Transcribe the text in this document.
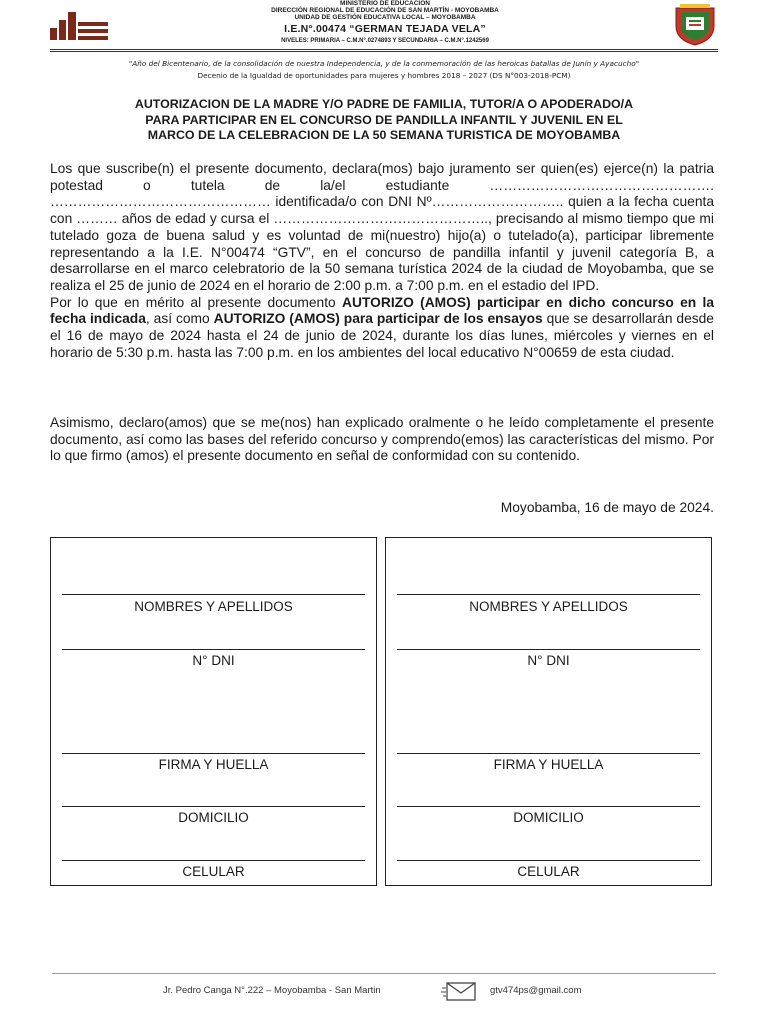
MINISTERIO DE EDUCACION
DIRECCIÓN REGIONAL DE EDUCACIÓN DE SAN MARTÍN - MOYOBAMBA
UNIDAD DE GESTIÓN EDUCATIVA LOCAL – MOYOBAMBA
I.E.N°.00474 “GERMAN TEJADA VELA”
NIVELES: PRIMARIA – C.M.N°.0274893 Y SECUNDARIA – C.M.N°.1242569
"Año del Bicentenario, de la consolidación de nuestra Independencia, y de la conmemoración de las heroicas batallas de Junín y Ayacucho"
Decenio de la Igualdad de oportunidades para mujeres y hombres 2018 – 2027 (DS N°003-2018-PCM)
AUTORIZACION DE LA MADRE Y/O PADRE DE FAMILIA, TUTOR/A O APODERADO/A
PARA PARTICIPAR EN EL CONCURSO DE PANDILLA INFANTIL Y JUVENIL EN EL
MARCO DE LA CELEBRACION DE LA 50 SEMANA TURISTICA DE MOYOBAMBA

Los que suscribe(n) el presente documento, declara(mos) bajo juramento ser quien(es) ejerce(n) la patria potestad o tutela de la/el estudiante …………………………………………. ………………………………………… identificada/o con DNI Nº……………………….. quien a la fecha cuenta con ……… años de edad y cursa el ……………………………………….., precisando al mismo tiempo que mi tutelado goza de buena salud y es voluntad de mi(nuestro) hijo(a) o tutelado(a), participar libremente representando a la I.E. N°00474 “GTV”, en el concurso de pandilla infantil y juvenil categoría B, a desarrollarse en el marco celebratorio de la 50 semana turística 2024 de la ciudad de Moyobamba, que se realiza el 25 de junio de 2024 en el horario de 2:00 p.m. a 7:00 p.m. en el estadio del IPD.
Por lo que en mérito al presente documento AUTORIZO (AMOS) participar en dicho concurso en la fecha indicada, así como AUTORIZO (AMOS) para participar de los ensayos que se desarrollarán desde el 16 de mayo de 2024 hasta el 24 de junio de 2024, durante los días lunes, miércoles y viernes en el horario de 5:30 p.m. hasta las 7:00 p.m. en los ambientes del local educativo N°00659 de esta ciudad.

Asimismo, declaro(amos) que se me(nos) han explicado oralmente o he leído completamente el presente documento, así como las bases del referido concurso y comprendo(emos) las características del mismo. Por lo que firmo (amos) el presente documento en señal de conformidad con su contenido.

Moyobamba, 16 de mayo de 2024.
NOMBRES Y APELLIDOS
N° DNI
FIRMA Y HUELLA
DOMICILIO
CELULAR
NOMBRES Y APELLIDOS
N° DNI
FIRMA Y HUELLA
DOMICILIO
CELULAR
Jr. Pedro Canga N°.222 – Moyobamba - San Martin	gtv474ps@gmail.com
